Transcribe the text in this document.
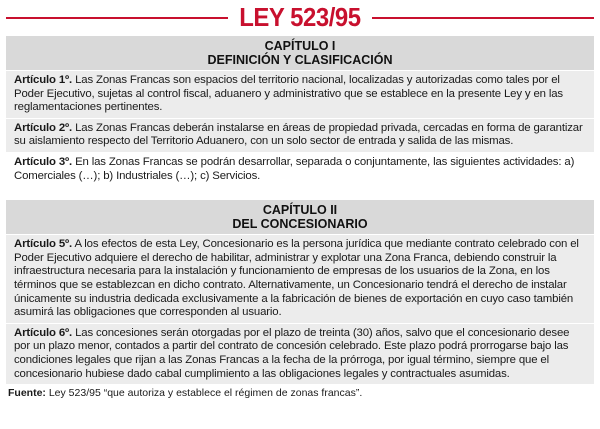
LEY 523/95
CAPÍTULO I
DEFINICIÓN Y CLASIFICACIÓN
Artículo 1º. Las Zonas Francas son espacios del territorio nacional, localizadas y autorizadas como tales por el Poder Ejecutivo, sujetas al control fiscal, aduanero y administrativo que se establece en la presente Ley y en las reglamentaciones pertinentes.
Artículo 2º. Las Zonas Francas deberán instalarse en áreas de propiedad privada, cercadas en forma de garantizar su aislamiento respecto del Territorio Aduanero, con un solo sector de entrada y salida de las mismas.
Artículo 3º. En las Zonas Francas se podrán desarrollar, separada o conjuntamente, las siguientes actividades: a) Comerciales (…); b) Industriales (…); c) Servicios.
CAPÍTULO II
DEL CONCESIONARIO
Artículo 5º. A los efectos de esta Ley, Concesionario es la persona jurídica que mediante contrato celebrado con el Poder Ejecutivo adquiere el derecho de habilitar, administrar y explotar una Zona Franca, debiendo construir la infraestructura necesaria para la instalación y funcionamiento de empresas de los usuarios de la Zona, en los términos que se establezcan en dicho contrato. Alternativamente, un Concesionario tendrá el derecho de instalar únicamente su industria dedicada exclusivamente a la fabricación de bienes de exportación en cuyo caso también asumirá las obligaciones que corresponden al usuario.
Artículo 6º. Las concesiones serán otorgadas por el plazo de treinta (30) años, salvo que el concesionario desee por un plazo menor, contados a partir del contrato de concesión celebrado. Este plazo podrá prorrogarse bajo las condiciones legales que rijan a las Zonas Francas a la fecha de la prórroga, por igual término, siempre que el concesionario hubiese dado cabal cumplimiento a las obligaciones legales y contractuales asumidas.
Fuente: Ley 523/95 “que autoriza y establece el régimen de zonas francas”.
